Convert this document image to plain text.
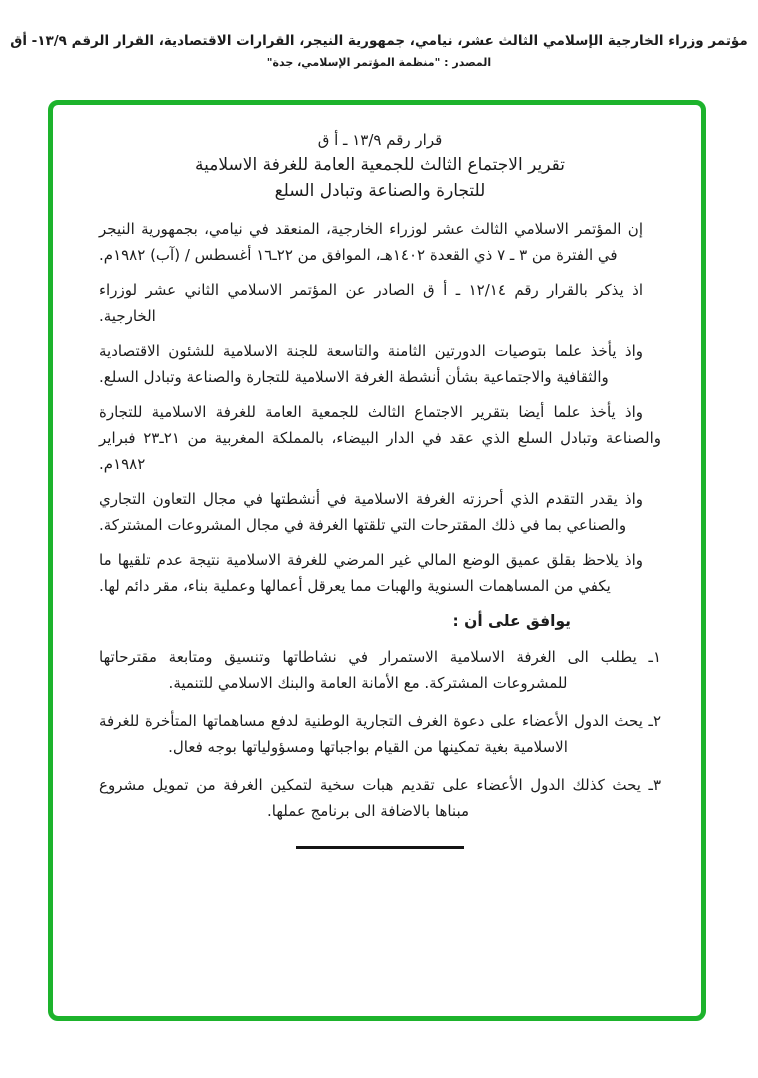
مؤتمر وزراء الخارجية الإسلامي الثالث عشر، نيامي، جمهورية النيجر، القرارات الاقتصادية، القرار الرقم ١٣/٩- أق
المصدر : "منظمة المؤتمر الإسلامي، جدة"
قرار رقم ١٣/٩ ـ أ ق
تقرير الاجتماع الثالث للجمعية العامة للغرفة الاسلامية
للتجارة والصناعة وتبادل السلع

إن المؤتمر الاسلامي الثالث عشر لوزراء الخارجية، المنعقد في نيامي، بجمهورية النيجر في الفترة من ٣ ـ ٧ ذي القعدة ١٤٠٢هـ، الموافق من ٢٢ـ١٦ أغسطس / (آب) ١٩٨٢م.

اذ يذكر بالقرار رقم ١٢/١٤ ـ أ ق الصادر عن المؤتمر الاسلامي الثاني عشر لوزراء الخارجية.

واذ يأخذ علما بتوصيات الدورتين الثامنة والتاسعة للجنة الاسلامية للشئون الاقتصادية والثقافية والاجتماعية بشأن أنشطة الغرفة الاسلامية للتجارة والصناعة وتبادل السلع.

واذ يأخذ علما أيضا بتقرير الاجتماع الثالث للجمعية العامة للغرفة الاسلامية للتجارة والصناعة وتبادل السلع الذي عقد في الدار البيضاء، بالمملكة المغربية من ٢١ـ٢٣ فبراير ١٩٨٢م.

واذ يقدر التقدم الذي أحرزته الغرفة الاسلامية في أنشطتها في مجال التعاون التجاري والصناعي بما في ذلك المقترحات التي تلقتها الغرفة في مجال المشروعات المشتركة.

واذ يلاحظ بقلق عميق الوضع المالي غير المرضي للغرفة الاسلامية نتيجة عدم تلقيها ما يكفي من المساهمات السنوية والهبات مما يعرقل أعمالها وعملية بناء، مقر دائم لها.

يوافق على أن :
١ـ يطلب الى الغرفة الاسلامية الاستمرار في نشاطاتها وتنسيق ومتابعة مقترحاتها للمشروعات المشتركة. مع الأمانة العامة والبنك الاسلامي للتنمية.
٢ـ يحث الدول الأعضاء على دعوة الغرف التجارية الوطنية لدفع مساهماتها المتأخرة للغرفة الاسلامية بغية تمكينها من القيام بواجباتها ومسؤولياتها بوجه فعال.
٣ـ يحث كذلك الدول الأعضاء على تقديم هبات سخية لتمكين الغرفة من تمويل مشروع مبناها بالاضافة الى برنامج عملها.
